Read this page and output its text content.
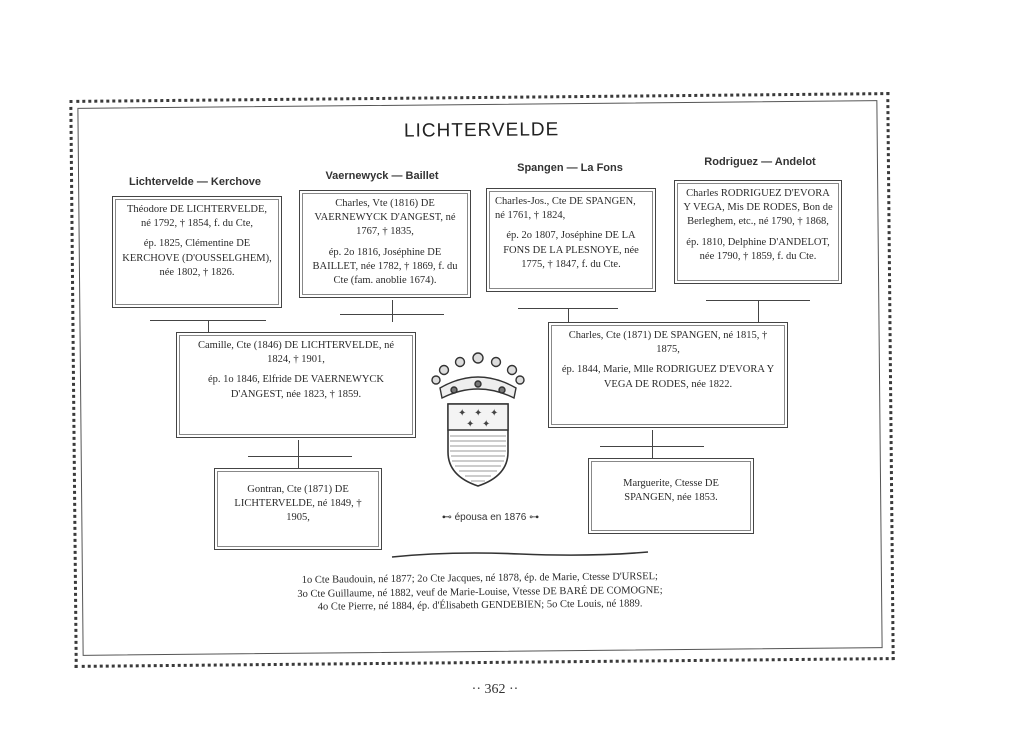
LICHTERVELDE
Lichtervelde — Kerchove	Vaernewyck — Baillet
Spangen — La Fons	Rodriguez — Andelot

Théodore DE LICHTERVELDE, né 1792, † 1854, f. du Cte,

ép. 1825, Clémentine DE KERCHOVE (D'OUSSELGHEM), née 1802, † 1826.

Charles, Vte (1816) DE VAERNEWYCK D'ANGEST, né 1767, † 1835,

ép. 2o 1816, Joséphine DE BAILLET, née 1782, † 1869, f. du Cte (fam. anoblie 1674).

Charles-Jos., Cte DE SPANGEN, né 1761, † 1824,

ép. 2o 1807, Joséphine DE LA FONS DE LA PLESNOYE, née 1775, † 1847, f. du Cte.

Charles RODRIGUEZ D'EVORA Y VEGA, Mis DE RODES, Bon de Berleghem, etc., né 1790, † 1868,

ép. 1810, Delphine D'ANDELOT, née 1790, † 1859, f. du Cte.

Camille, Cte (1846) DE LICHTERVELDE, né 1824, † 1901,

ép. 1o 1846, Elfride DE VAERNEWYCK D'ANGEST, née 1823, † 1859.

Charles, Cte (1871) DE SPANGEN, né 1815, † 1875,

ép. 1844, Marie, Mlle RODRIGUEZ D'EVORA Y VEGA DE RODES, née 1822.

Gontran, Cte (1871) DE LICHTERVELDE, né 1849, † 1905,

Marguerite, Ctesse DE SPANGEN, née 1853.

✦ ✦ ✦
✦ ✦
⊷ épousa en 1876 ⊶

1o Cte Baudouin, né 1877; 2o Cte Jacques, né 1878, ép. de Marie, Ctesse D'URSEL;

3o Cte Guillaume, né 1882, veuf de Marie-Louise, Vtesse DE BARÉ DE COMOGNE;

4o Cte Pierre, né 1884, ép. d'Élisabeth GENDEBIEN; 5o Cte Louis, né 1889.

·· 362 ··
